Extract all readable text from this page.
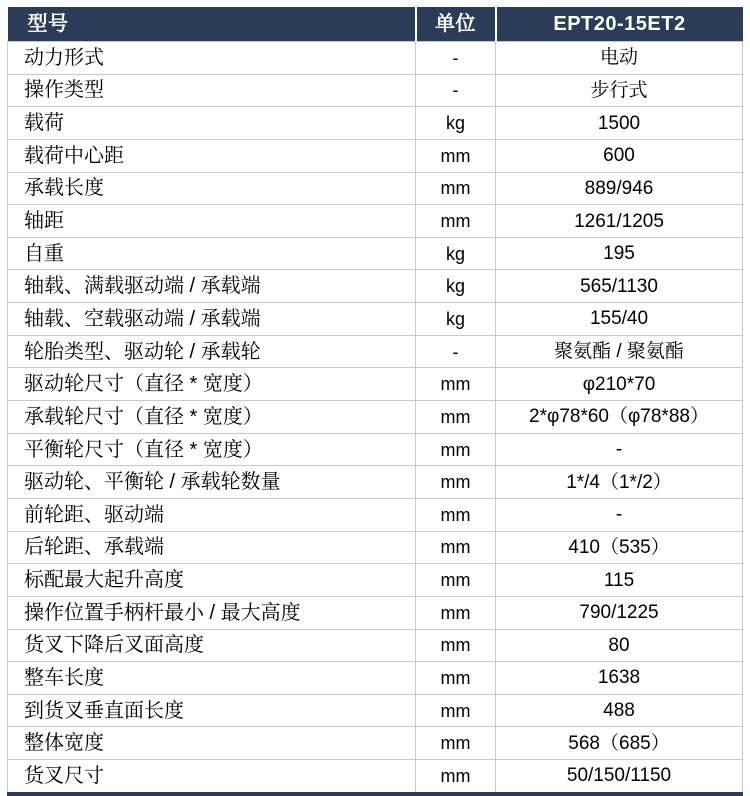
型号	单位	EPT20-15ET2
动力形式	-	电动
操作类型	-	步行式
载荷	kg	1500
载荷中心距	mm	600
承载长度	mm	889/946
轴距	mm	1261/1205
自重	kg	195
轴载、满载驱动端 / 承载端	kg	565/1130
轴载、空载驱动端 / 承载端	kg	155/40
轮胎类型、驱动轮 / 承载轮	-	聚氨酯 / 聚氨酯
驱动轮尺寸（直径 * 宽度）	mm	φ210*70
承载轮尺寸（直径 * 宽度）	mm	2*φ78*60（φ78*88）
平衡轮尺寸（直径 * 宽度）	mm	-
驱动轮、平衡轮 / 承载轮数量	mm	1*/4（1*/2）
前轮距、驱动端	mm	-
后轮距、承载端	mm	410（535）
标配最大起升高度	mm	115
操作位置手柄杆最小 / 最大高度	mm	790/1225
货叉下降后叉面高度	mm	80
整车长度	mm	1638
到货叉垂直面长度	mm	488
整体宽度	mm	568（685）
货叉尺寸	mm	50/150/1150
